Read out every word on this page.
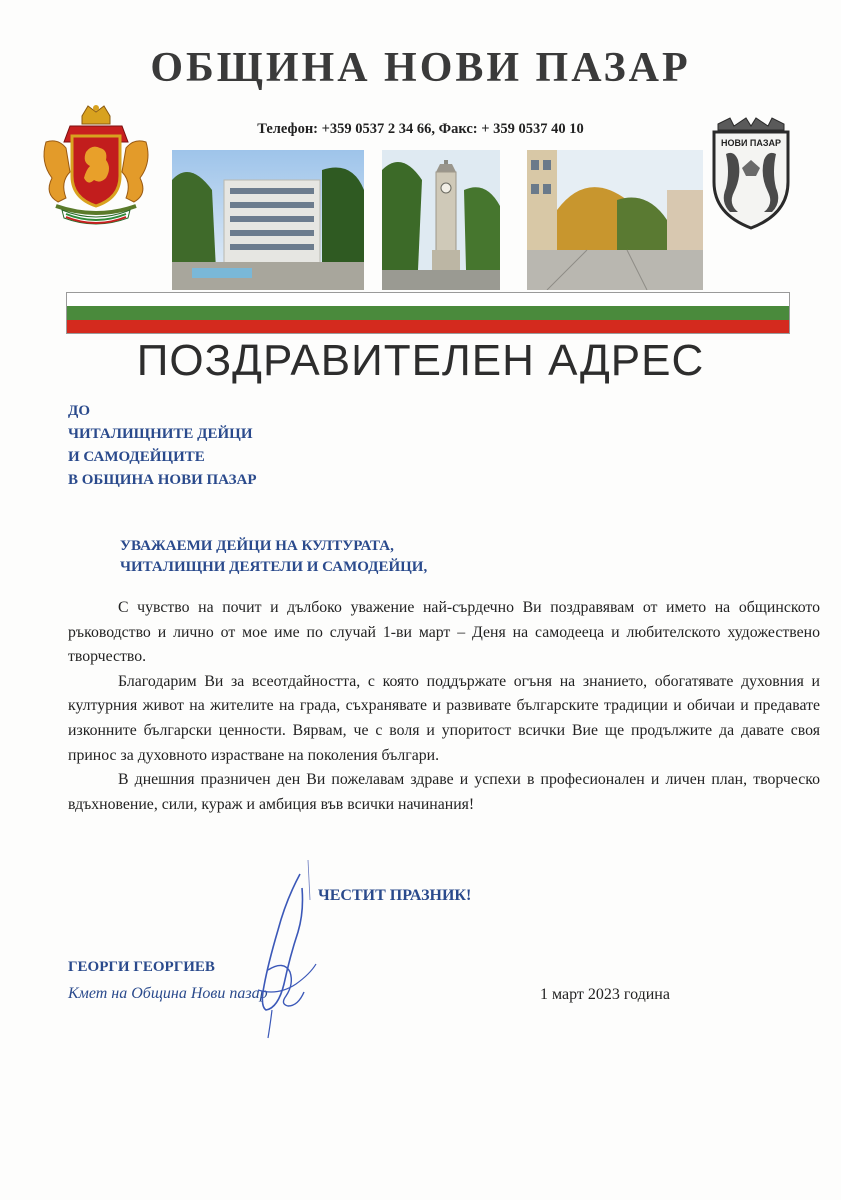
ОБЩИНА НОВИ ПАЗАР
Телефон: +359 0537 2 34 66, Факс: + 359 0537 40 10
НОВИ ПАЗАР
ПОЗДРАВИТЕЛЕН АДРЕС
ДО
ЧИТАЛИЩНИТЕ ДЕЙЦИ
И САМОДЕЙЦИТЕ
В ОБЩИНА НОВИ ПАЗАР
УВАЖАЕМИ ДЕЙЦИ НА КУЛТУРАТА,
ЧИТАЛИЩНИ ДЕЯТЕЛИ И САМОДЕЙЦИ,

С чувство на почит и дълбоко уважение най-сърдечно Ви поздравявам от името на общинското ръководство и лично от мое име по случай 1-ви март – Деня на самодееца и любителското художествено творчество.

Благодарим Ви за всеотдайността, с която поддържате огъня на знанието, обогатявате духовния и културния живот на жителите на града, съхранявате и развивате българските традиции и обичаи и предавате изконните български ценности. Вярвам, че с воля и упоритост всички Вие ще продължите да давате своя принос за духовното израстване на поколения българи.

В днешния празничен ден Ви пожелавам здраве и успехи в професионален и личен план, творческо вдъхновение, сили, кураж и амбиция във всички начинания!

ЧЕСТИТ ПРАЗНИК!
ГЕОРГИ ГЕОРГИЕВ
Кмет на Община Нови пазар	1 март 2023 година
